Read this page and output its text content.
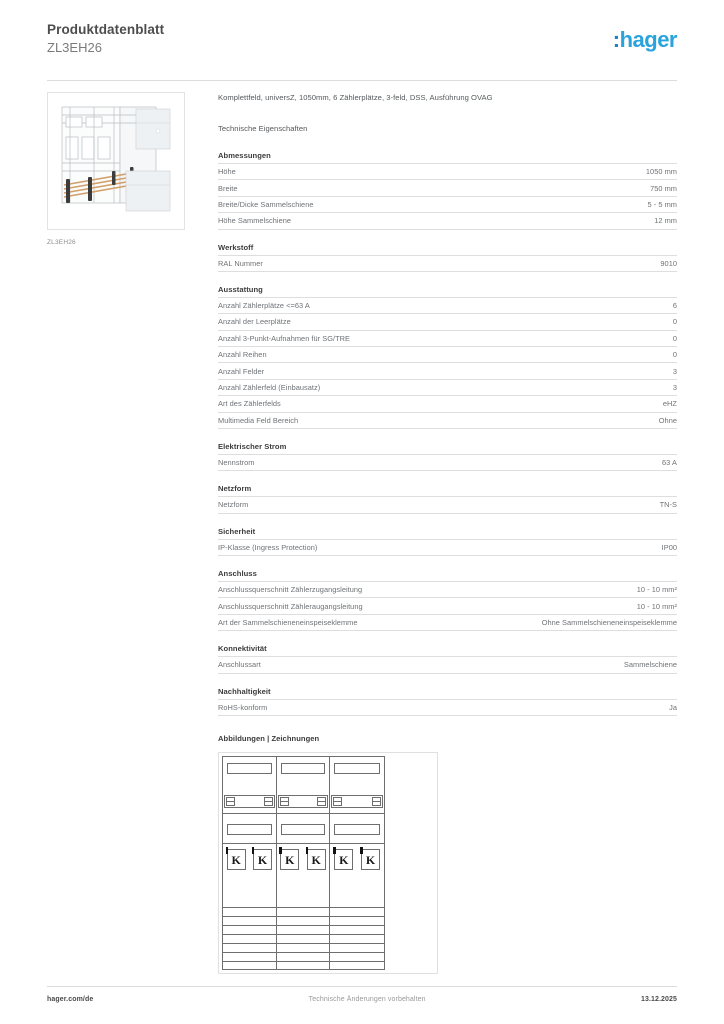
Produktdatenblatt
ZL3EH26	:hager
ZL3EH26
Komplettfeld, universZ, 1050mm, 6 Zählerplätze, 3-feld, DSS, Ausführung OVAG
Technische Eigenschaften
Abmessungen
Höhe	1050 mm
Breite	750 mm
Breite/Dicke Sammelschiene	5 - 5 mm
Höhe Sammelschiene	12 mm
Werkstoff
RAL Nummer	9010
Ausstattung
Anzahl Zählerplätze <=63 A	6
Anzahl der Leerplätze	0
Anzahl 3-Punkt-Aufnahmen für SG/TRE	0
Anzahl Reihen	0
Anzahl Felder	3
Anzahl Zählerfeld (Einbausatz)	3
Art des Zählerfelds	eHZ
Multimedia Feld Bereich	Ohne
Elektrischer Strom
Nennstrom	63 A
Netzform
Netzform	TN-S
Sicherheit
IP-Klasse (Ingress Protection)	IP00
Anschluss
Anschlussquerschnitt Zählerzugangsleitung	10 - 10 mm²
Anschlussquerschnitt Zähleraugangsleitung	10 - 10 mm²
Art der Sammelschieneneinspeiseklemme	Ohne Sammelschieneneinspeiseklemme
Konnektivität
Anschlussart	Sammelschiene
Nachhaltigkeit
RoHS-konform	Ja
Abbildungen | Zeichnungen
K	K	K	K	K	K
hager.com/de	Technische Änderungen vorbehalten	13.12.2025
